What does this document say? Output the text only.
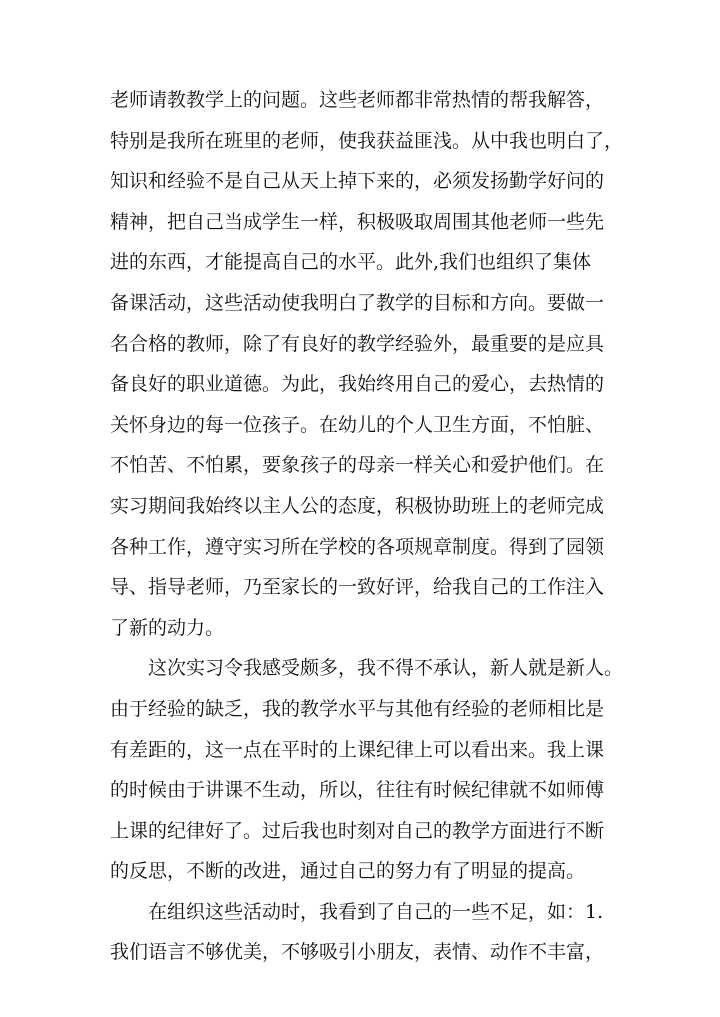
老师请教教学上的问题。这些老师都非常热情的帮我解答，
特别是我所在班里的老师，使我获益匪浅。从中我也明白了，
知识和经验不是自己从天上掉下来的，必须发扬勤学好问的
精神，把自己当成学生一样，积极吸取周围其他老师一些先
进的东西，才能提高自己的水平。此外,我们也组织了集体
备课活动，这些活动使我明白了教学的目标和方向。要做一
名合格的教师，除了有良好的教学经验外，最重要的是应具
备良好的职业道德。为此，我始终用自己的爱心，去热情的
关怀身边的每一位孩子。在幼儿的个人卫生方面，不怕脏、
不怕苦、不怕累，要象孩子的母亲一样关心和爱护他们。在
实习期间我始终以主人公的态度，积极协助班上的老师完成
各种工作，遵守实习所在学校的各项规章制度。得到了园领
导、指导老师，乃至家长的一致好评，给我自己的工作注入
了新的动力。
这次实习令我感受颇多，我不得不承认，新人就是新人。
由于经验的缺乏，我的教学水平与其他有经验的老师相比是
有差距的，这一点在平时的上课纪律上可以看出来。我上课
的时候由于讲课不生动，所以，往往有时候纪律就不如师傅
上课的纪律好了。过后我也时刻对自己的教学方面进行不断
的反思，不断的改进，通过自己的努力有了明显的提高。
在组织这些活动时，我看到了自己的一些不足，如：1.
我们语言不够优美，不够吸引小朋友，表情、动作不丰富，
